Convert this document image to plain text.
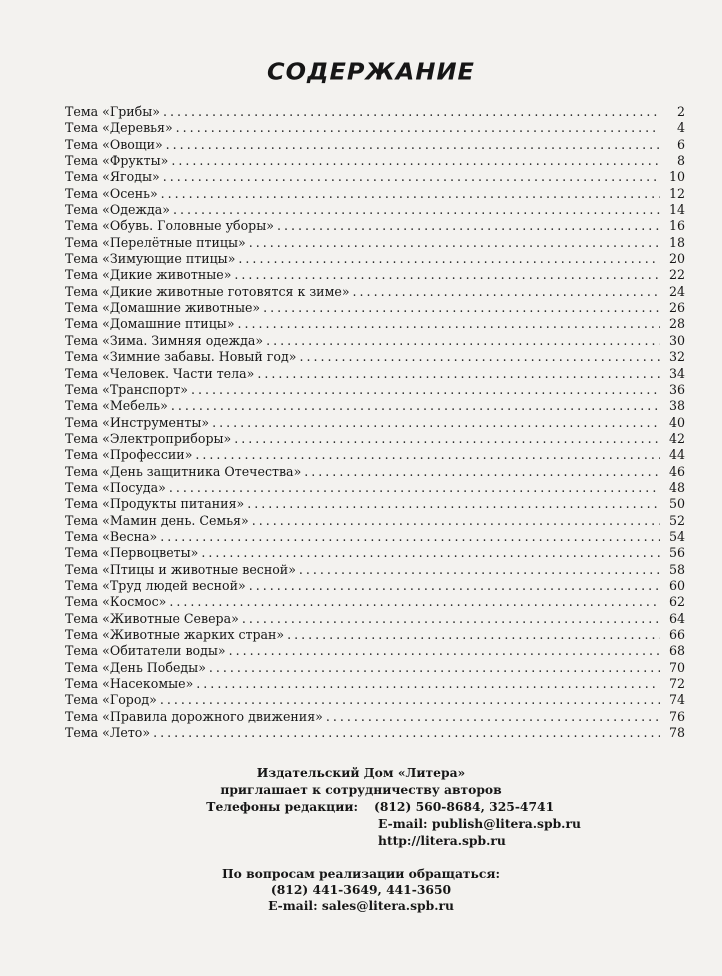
СОДЕРЖАНИЕ
Тема «Грибы» . . .	2
Тема «Деревья» . . .	4
Тема «Овощи» . . .	6
Тема «Фрукты» . . .	8
Тема «Ягоды» . . .	10
Тема «Осень» . . .	12
Тема «Одежда» . . .	14
Тема «Обувь. Головные уборы» . . .	16
Тема «Перелётные птицы» . . .	18
Тема «Зимующие птицы» . . .	20
Тема «Дикие животные» . . .	22
Тема «Дикие животные готовятся к зиме» . . .	24
Тема «Домашние животные» . . .	26
Тема «Домашние птицы» . . .	28
Тема «Зима. Зимняя одежда» . . .	30
Тема «Зимние забавы. Новый год» . . .	32
Тема «Человек. Части тела» . . .	34
Тема «Транспорт» . . .	36
Тема «Мебель» . . .	38
Тема «Инструменты» . . .	40
Тема «Электроприборы» . . .	42
Тема «Профессии» . . .	44
Тема «День защитника Отечества» . . .	46
Тема «Посуда» . . .	48
Тема «Продукты питания» . . .	50
Тема «Мамин день. Семья» . . .	52
Тема «Весна» . . .	54
Тема «Первоцветы» . . .	56
Тема «Птицы и животные весной» . . .	58
Тема «Труд людей весной» . . .	60
Тема «Космос» . . .	62
Тема «Животные Севера» . . .	64
Тема «Животные жарких стран» . . .	66
Тема «Обитатели воды» . . .	68
Тема «День Победы» . . .	70
Тема «Насекомые» . . .	72
Тема «Город» . . .	74
Тема «Правила дорожного движения» . . .	76
Тема «Лето» . . .	78
Издательский Дом «Литера»
приглашает к сотрудничеству авторов
Телефоны редакции:	(812) 560-8684, 325-4741
E-mail: publish@litera.spb.ru
http://litera.spb.ru
По вопросам реализации обращаться:
(812) 441-3649, 441-3650
E-mail: sales@litera.spb.ru
